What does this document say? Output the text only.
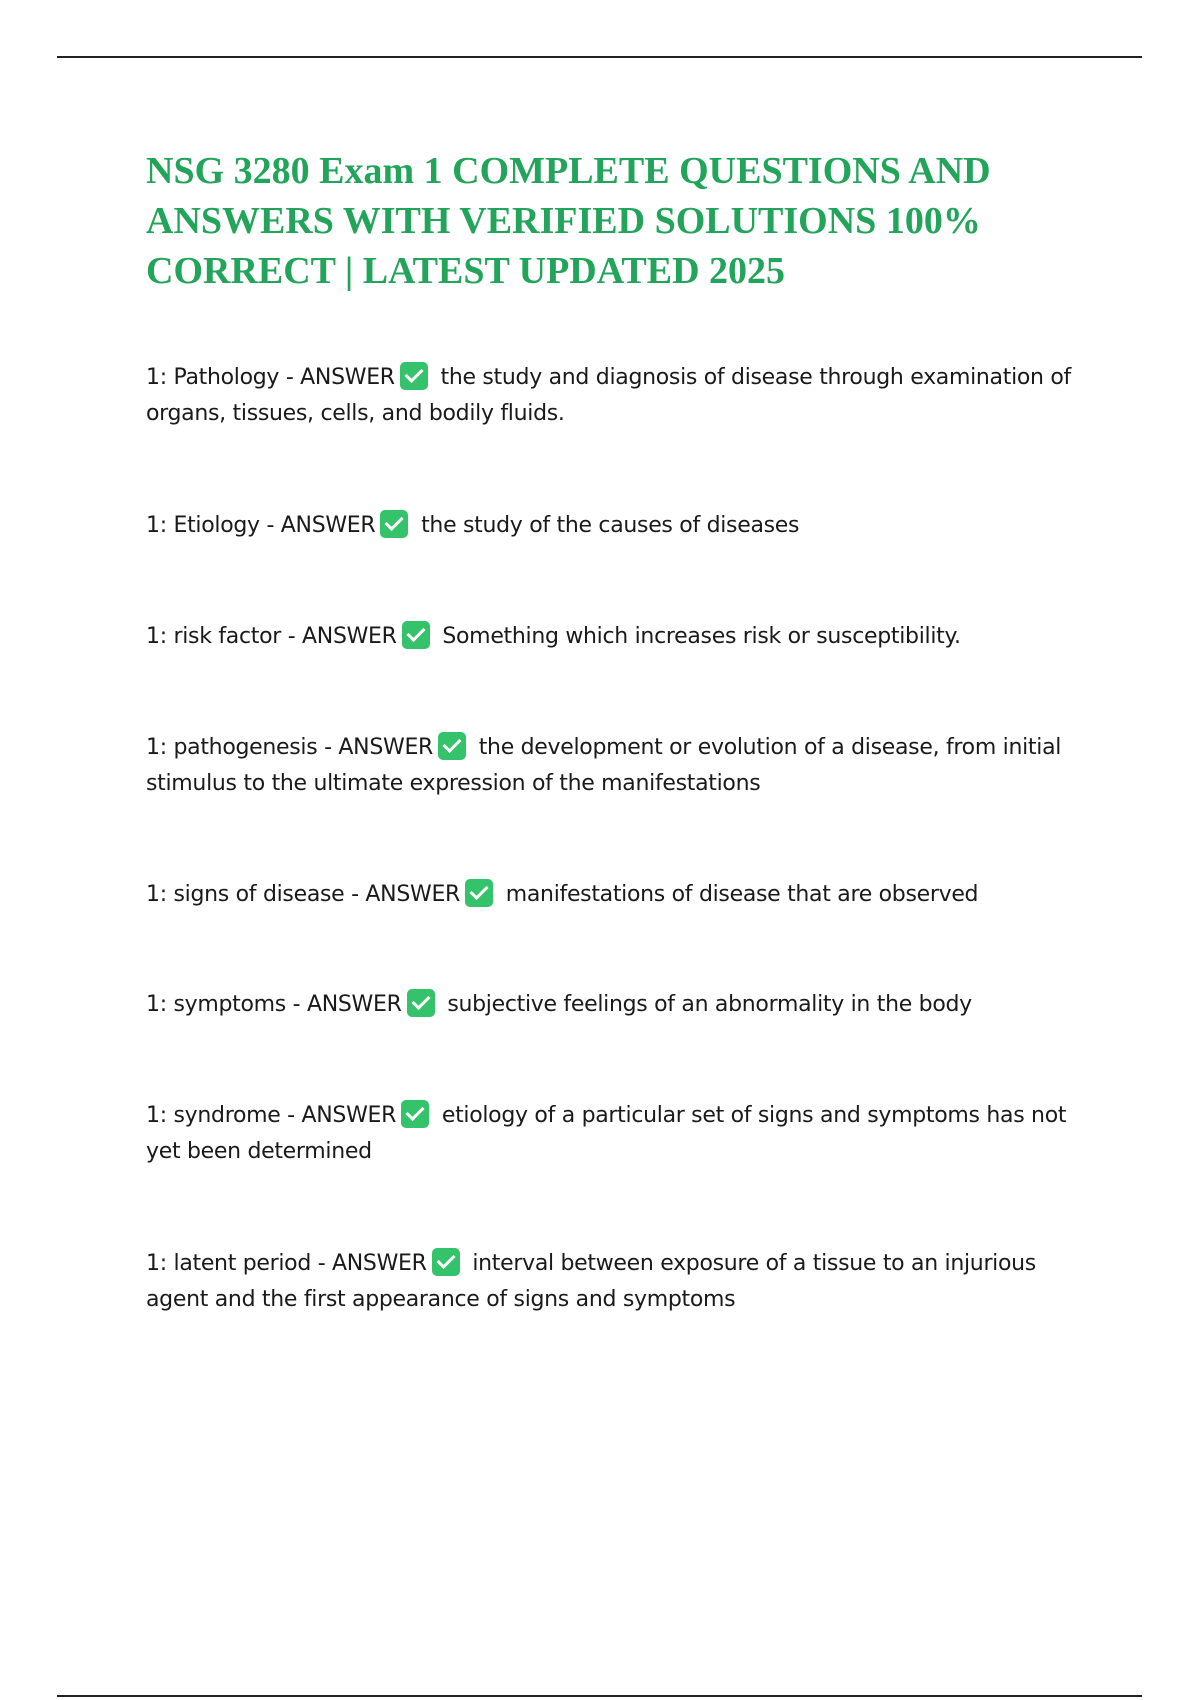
NSG 3280 Exam 1 COMPLETE QUESTIONS AND ANSWERS WITH VERIFIED SOLUTIONS 100% CORRECT | LATEST UPDATED 2025

1: Pathology - ANSWER the study and diagnosis of disease through examination of organs, tissues, cells, and bodily fluids.

1: Etiology - ANSWER the study of the causes of diseases

1: risk factor - ANSWER Something which increases risk or susceptibility.

1: pathogenesis - ANSWER the development or evolution of a disease, from initial stimulus to the ultimate expression of the manifestations

1: signs of disease - ANSWER manifestations of disease that are observed

1: symptoms - ANSWER subjective feelings of an abnormality in the body

1: syndrome - ANSWER etiology of a particular set of signs and symptoms has not yet been determined

1: latent period - ANSWER interval between exposure of a tissue to an injurious agent and the first appearance of signs and symptoms
